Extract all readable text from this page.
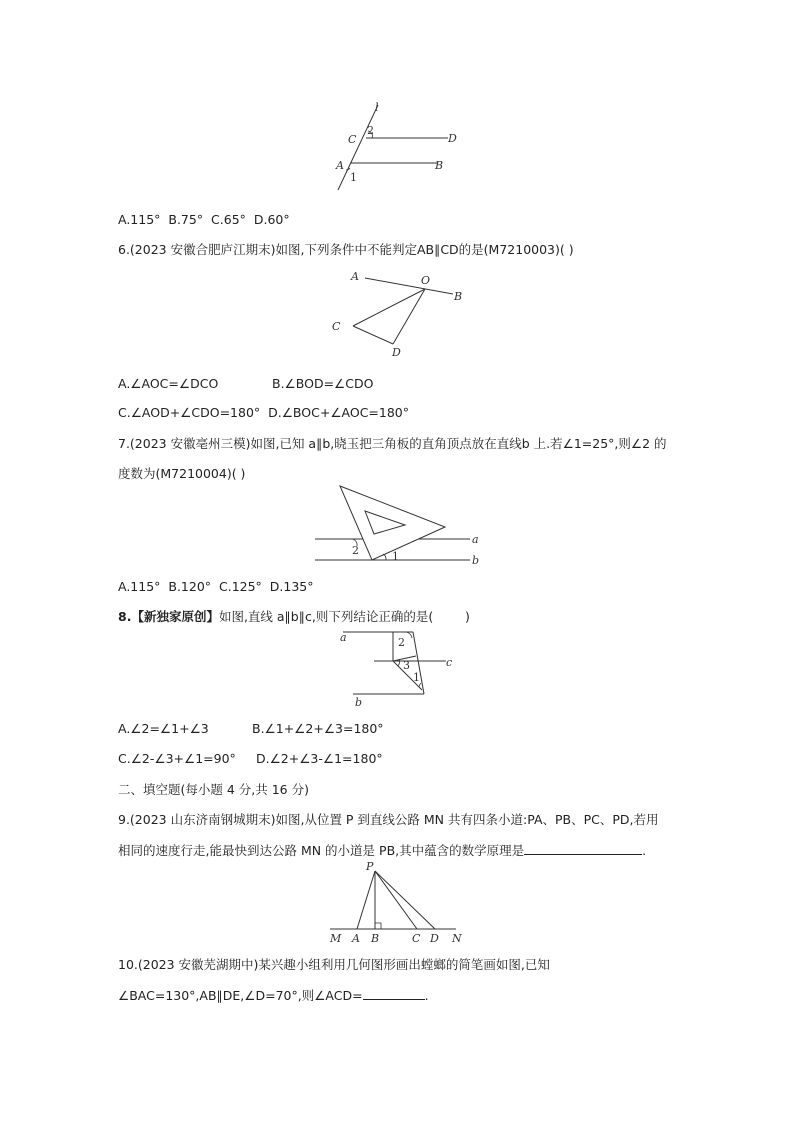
l
C
2
D
A	B
1
A.115° B.75° C.65° D.60°
6.(2023 安徽合肥庐江期末)如图,下列条件中不能判定AB∥CD的是(M7210003)( )
A	O
B
C
D
A.∠AOC=∠DCO	B.∠BOD=∠CDO
C.∠AOD+∠CDO=180° D.∠BOC+∠AOC=180°
7.(2023 安徽亳州三模)如图,已知 a∥b,晓玉把三角板的直角顶点放在直线b 上.若∠1=25°,则∠2 的
度数为(M7210004)( )
a
b
2	1
A.115° B.120° C.125° D.135°
8.【新独家原创】如图,直线 a∥b∥c,则下列结论正确的是(        )
a	2
3	c
1
b
A.∠2=∠1+∠3	B.∠1+∠2+∠3=180°
C.∠2-∠3+∠1=90° D.∠2+∠3-∠1=180°
二、填空题(每小题 4 分,共 16 分)
9.(2023 山东济南钢城期末)如图,从位置 P 到直线公路 MN 共有四条小道:PA、PB、PC、PD,若用
相同的速度行走,能最快到达公路 MN 的小道是 PB,其中蕴含的数学原理是	.
P
M A B	C D N
10.(2023 安徽芜湖期中)某兴趣小组利用几何图形画出螳螂的简笔画如图,已知
∠BAC=130°,AB∥DE,∠D=70°,则∠ACD=	.
